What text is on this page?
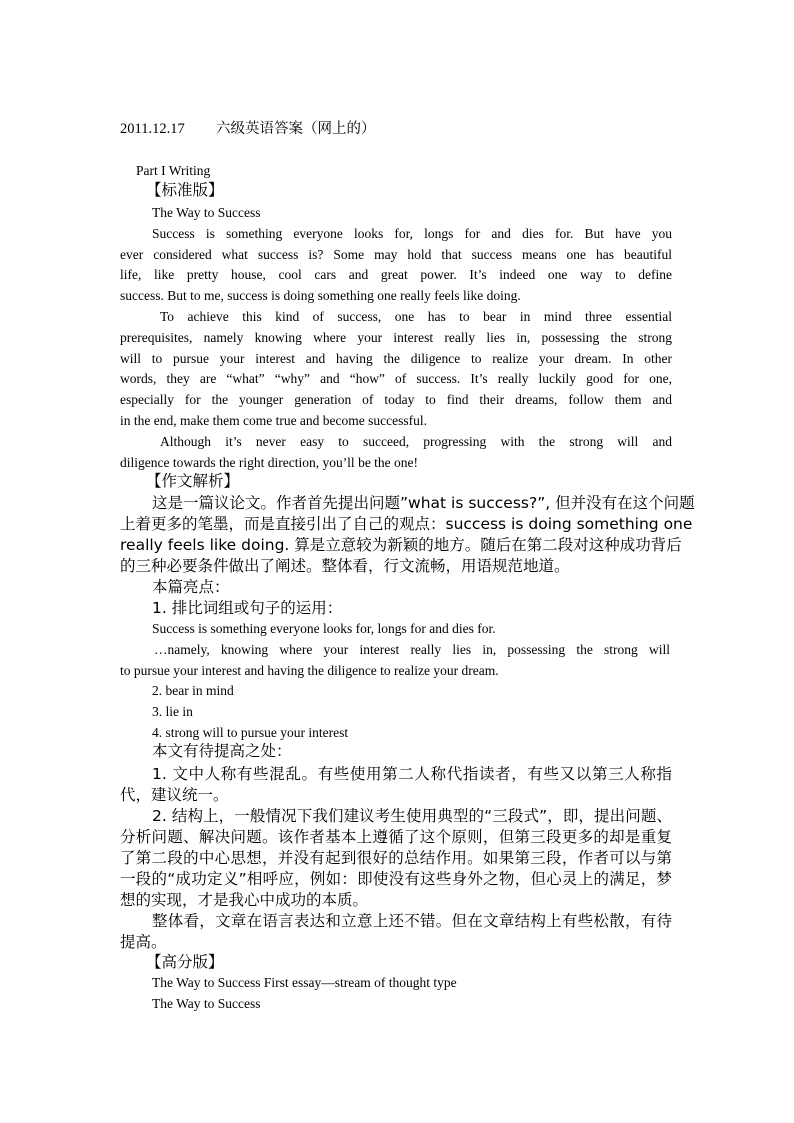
2011.12.17 六级英语答案（网上的）
Part I Writing
【标准版】
The Way to Success
Success is something everyone looks for, longs for and dies for. But have you
ever considered what success is? Some may hold that success means one has beautiful
life, like pretty house, cool cars and great power. It’s indeed one way to define
success. But to me, success is doing something one really feels like doing.
To achieve this kind of success, one has to bear in mind three essential
prerequisites, namely knowing where your interest really lies in, possessing the strong
will to pursue your interest and having the diligence to realize your dream. In other
words, they are “what” “why” and “how” of success. It’s really luckily good for one,
especially for the younger generation of today to find their dreams, follow them and
in the end, make them come true and become successful.
Although it’s never easy to succeed, progressing with the strong will and
diligence towards the right direction, you’ll be the one!
【作文解析】
这是一篇议论文。作者首先提出问题”what is success?”, 但并没有在这个问题
上着更多的笔墨，而是直接引出了自己的观点：success is doing something one
really feels like doing. 算是立意较为新颖的地方。随后在第二段对这种成功背后
的三种必要条件做出了阐述。整体看，行文流畅，用语规范地道。
本篇亮点：
1. 排比词组或句子的运用：
Success is something everyone looks for, longs for and dies for.
…namely, knowing where your interest really lies in, possessing the strong will
to pursue your interest and having the diligence to realize your dream.
2. bear in mind
3. lie in
4. strong will to pursue your interest
本文有待提高之处：
1. 文中人称有些混乱。有些使用第二人称代指读者，有些又以第三人称指
代，建议统一。
2. 结构上，一般情况下我们建议考生使用典型的“三段式”，即，提出问题、
分析问题、解决问题。该作者基本上遵循了这个原则，但第三段更多的却是重复
了第二段的中心思想，并没有起到很好的总结作用。如果第三段，作者可以与第
一段的“成功定义”相呼应，例如：即使没有这些身外之物，但心灵上的满足，梦
想的实现，才是我心中成功的本质。
整体看，文章在语言表达和立意上还不错。但在文章结构上有些松散，有待
提高。
【高分版】
The Way to Success First essay—stream of thought type
The Way to Success
